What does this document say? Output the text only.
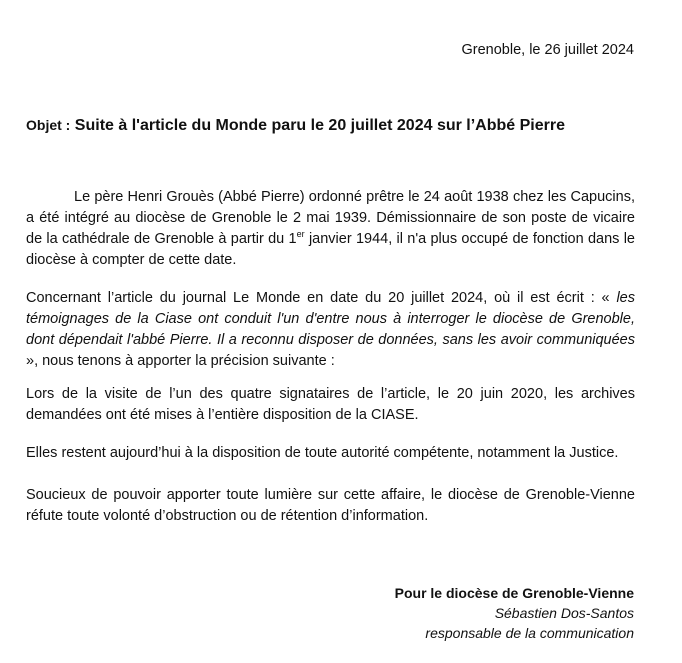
Grenoble, le 26 juillet 2024
Objet : Suite à l'article du Monde paru le 20 juillet 2024 sur l’Abbé Pierre

Le père Henri Grouès (Abbé Pierre) ordonné prêtre le 24 août 1938 chez les Capucins, a été intégré au diocèse de Grenoble le 2 mai 1939. Démissionnaire de son poste de vicaire de la cathédrale de Grenoble à partir du 1er janvier 1944, il n'a plus occupé de fonction dans le diocèse à compter de cette date.

Concernant l’article du journal Le Monde en date du 20 juillet 2024, où il est écrit : « les témoignages de la Ciase ont conduit l'un d'entre nous à interroger le diocèse de Grenoble, dont dépendait l'abbé Pierre. Il a reconnu disposer de données, sans les avoir communiquées », nous tenons à apporter la précision suivante :

Lors de la visite de l’un des quatre signataires de l’article, le 20 juin 2020, les archives demandées ont été mises à l’entière disposition de la CIASE.

Elles restent aujourd’hui à la disposition de toute autorité compétente, notamment la Justice.

Soucieux de pouvoir apporter toute lumière sur cette affaire, le diocèse de Grenoble-Vienne réfute toute volonté d’obstruction ou de rétention d’information.

Pour le diocèse de Grenoble-Vienne
Sébastien Dos-Santos
responsable de la communication
